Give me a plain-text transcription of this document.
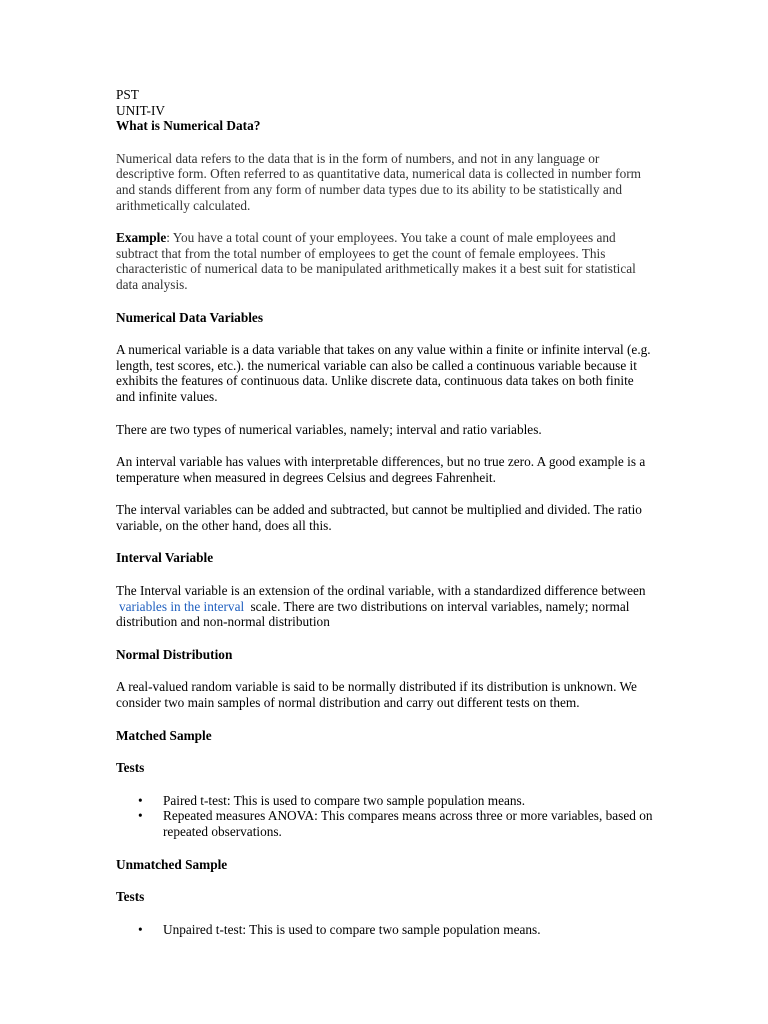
PST
UNIT-IV
What is Numerical Data?

Numerical data refers to the data that is in the form of numbers, and not in any language or descriptive form. Often referred to as quantitative data, numerical data is collected in number form and stands different from any form of number data types due to its ability to be statistically and arithmetically calculated.

Example: You have a total count of your employees. You take a count of male employees and subtract that from the total number of employees to get the count of female employees. This characteristic of numerical data to be manipulated arithmetically makes it a best suit for statistical data analysis.

Numerical Data Variables

A numerical variable is a data variable that takes on any value within a finite or infinite interval (e.g. length, test scores, etc.). the numerical variable can also be called a continuous variable because it exhibits the features of continuous data. Unlike discrete data, continuous data takes on both finite and infinite values.

There are two types of numerical variables, namely; interval and ratio variables.

An interval variable has values with interpretable differences, but no true zero. A good example is a temperature when measured in degrees Celsius and degrees Fahrenheit.

The interval variables can be added and subtracted, but cannot be multiplied and divided. The ratio variable, on the other hand, does all this.

Interval Variable

The Interval variable is an extension of the ordinal variable, with a standardized difference between variables in the interval scale. There are two distributions on interval variables, namely; normal distribution and non-normal distribution

Normal Distribution

A real-valued random variable is said to be normally distributed if its distribution is unknown. We consider two main samples of normal distribution and carry out different tests on them.

Matched Sample
Tests
• Paired t-test: This is used to compare two sample population means.
• Repeated measures ANOVA: This compares means across three or more variables, based on repeated observations.
Unmatched Sample
Tests
• Unpaired t-test: This is used to compare two sample population means.
